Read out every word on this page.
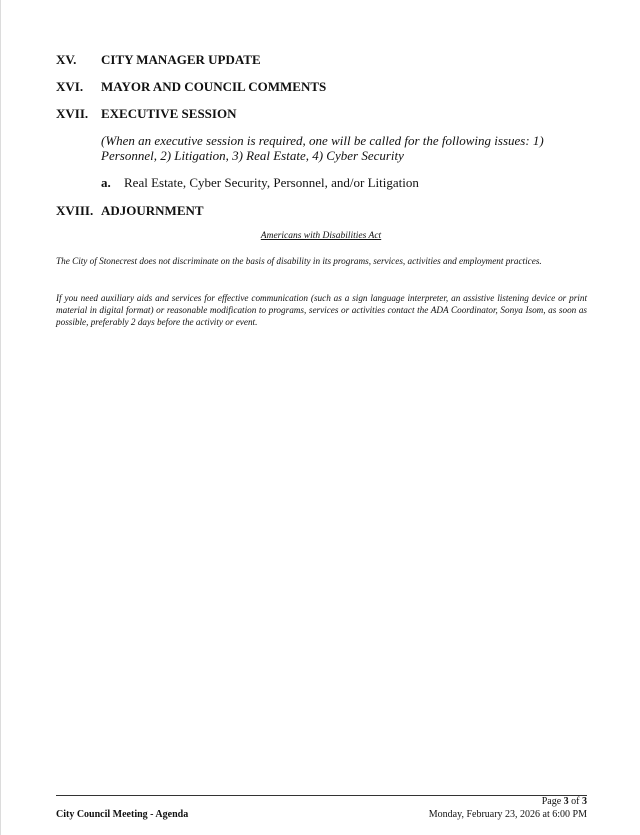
XV. CITY MANAGER UPDATE
XVI. MAYOR AND COUNCIL COMMENTS
XVII. EXECUTIVE SESSION
(When an executive session is required, one will be called for the following issues: 1) Personnel, 2) Litigation, 3) Real Estate, 4) Cyber Security
a. Real Estate, Cyber Security, Personnel, and/or Litigation
XVIII. ADJOURNMENT
Americans with Disabilities Act
The City of Stonecrest does not discriminate on the basis of disability in its programs, services, activities and employment practices.
If you need auxiliary aids and services for effective communication (such as a sign language interpreter, an assistive listening device or print material in digital format) or reasonable modification to programs, services or activities contact the ADA Coordinator, Sonya Isom, as soon as possible, preferably 2 days before the activity or event.
Page 3 of 3
City Council Meeting - Agenda	Monday, February 23, 2026 at 6:00 PM
